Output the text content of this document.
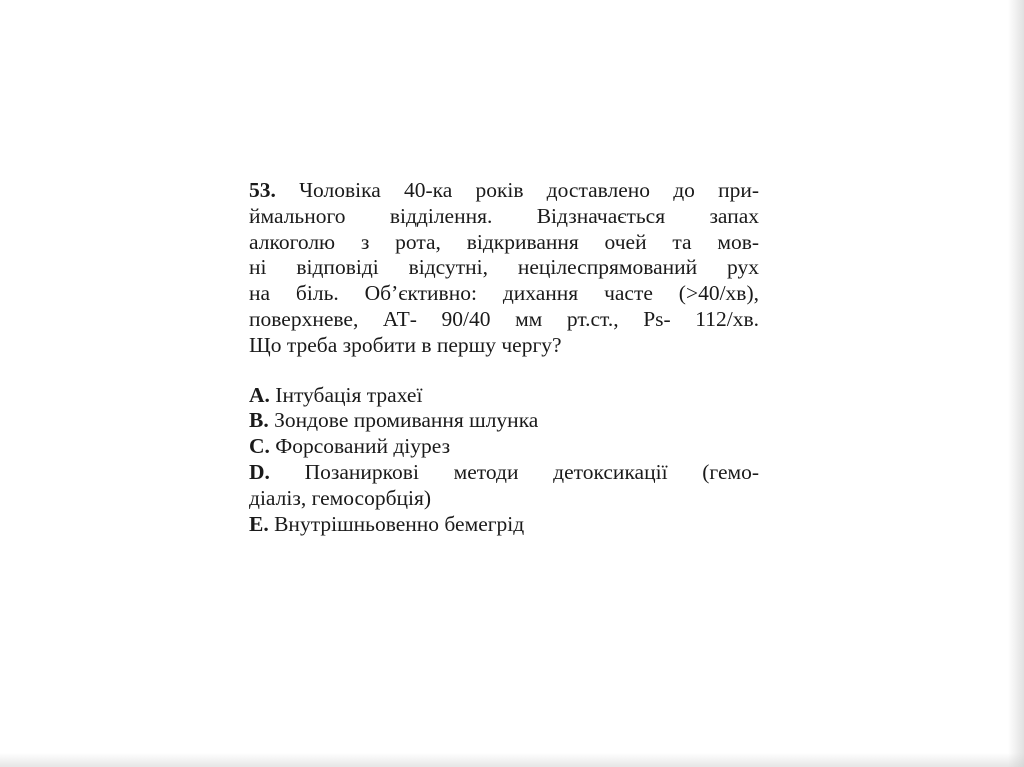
53. Чоловіка 40-ка років доставлено до при-
ймального відділення. Відзначається запах
алкоголю з рота, відкривання очей та мов-
ні відповіді відсутні, нецілеспрямований рух
на біль. Об’єктивно: дихання часте (>40/хв),
поверхневе, АТ- 90/40 мм рт.ст., Ps- 112/хв.
Що треба зробити в першу чергу?
A. Інтубація трахеї
B. Зондове промивання шлунка
C. Форсований діурез
D. Позаниркові методи детоксикації (гемо-
діаліз, гемосорбція)
E. Внутрішньовенно бемегрід
